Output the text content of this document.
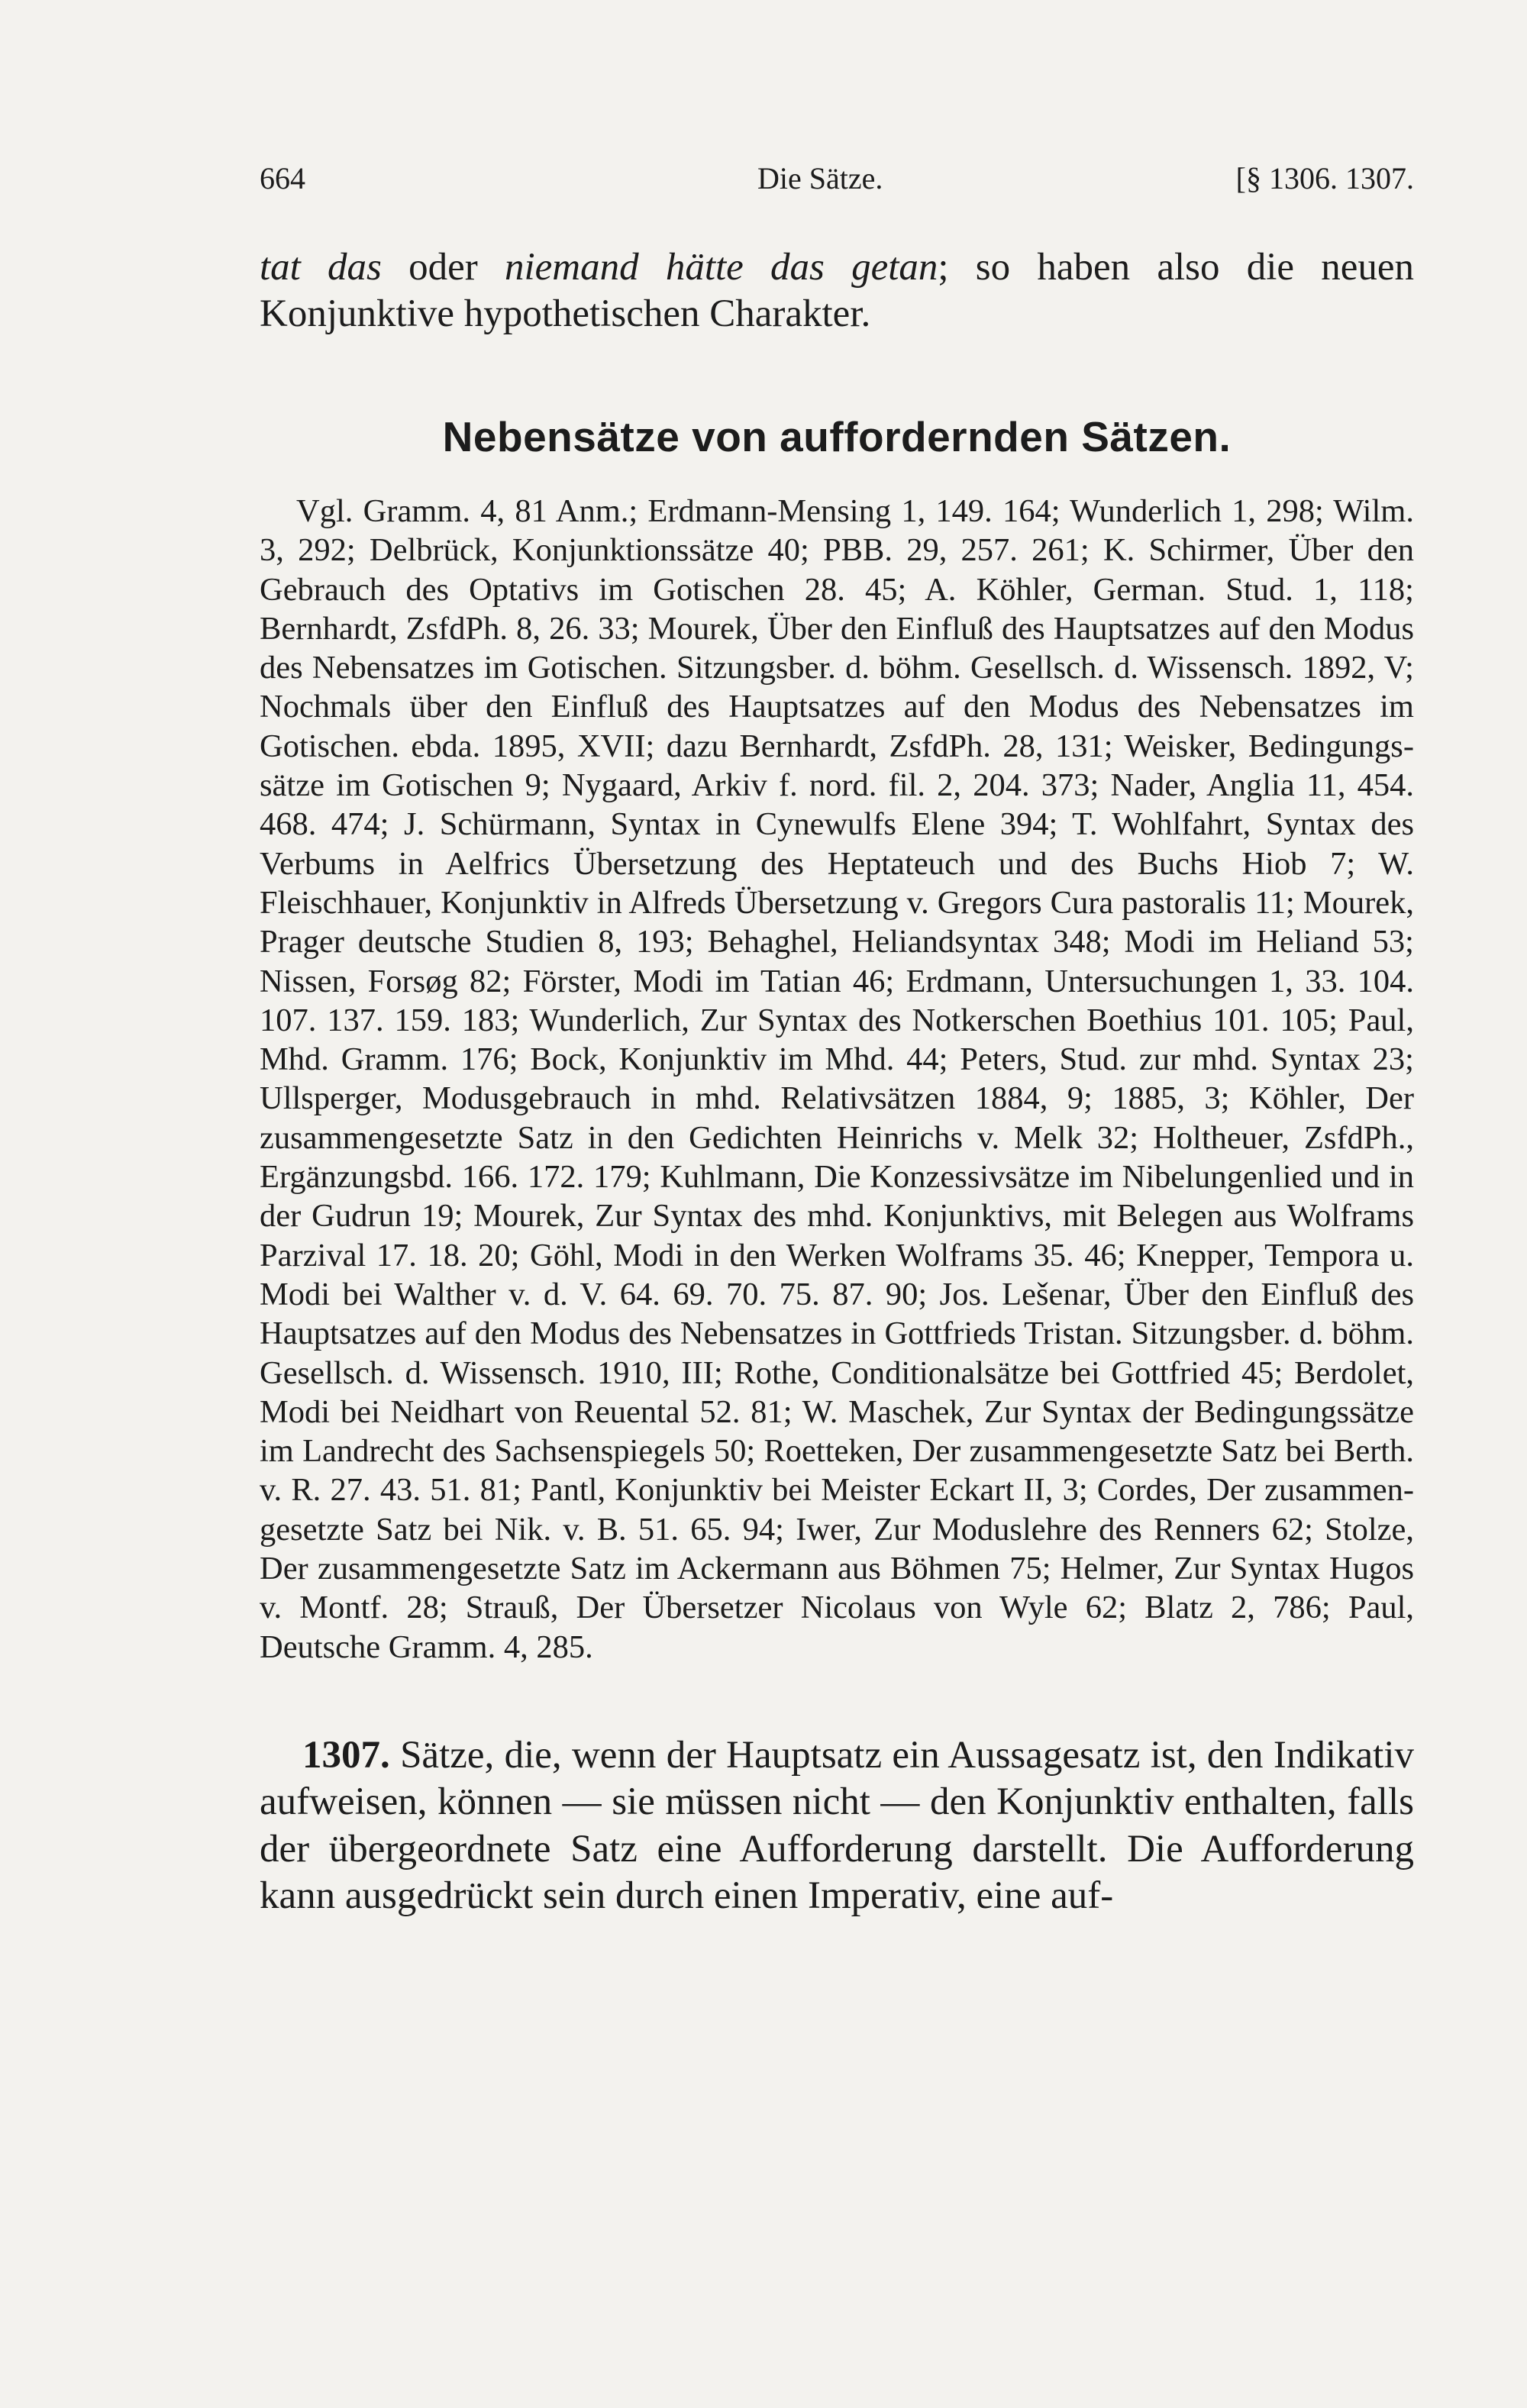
664	Die Sätze.	[§ 1306. 1307.

tat das oder niemand hätte das getan; so haben also die neuen Konjunktive hypothetischen Charakter.

Nebensätze von auffordernden Sätzen.

Vgl. Gramm. 4, 81 Anm.; Erdmann-Mensing 1, 149. 164; Wunderlich 1, 298; Wilm. 3, 292; Delbrück, Konjunktionssätze 40; PBB. 29, 257. 261; K. Schirmer, Über den Gebrauch des Optativs im Gotischen 28. 45; A. Köhler, German. Stud. 1, 118; Bernhardt, ZsfdPh. 8, 26. 33; Mourek, Über den Einfluß des Hauptsatzes auf den Modus des Nebensatzes im Gotischen. Sitzungsber. d. böhm. Gesellsch. d. Wissensch. 1892, V; Nochmals über den Einfluß des Hauptsatzes auf den Modus des Nebensatzes im Gotischen. ebda. 1895, XVII; dazu Bernhardt, ZsfdPh. 28, 131; Weisker, Bedingungssätze im Gotischen 9; Nygaard, Arkiv f. nord. fil. 2, 204. 373; Nader, Anglia 11, 454. 468. 474; J. Schürmann, Syntax in Cynewulfs Elene 394; T. Wohlfahrt, Syntax des Verbums in Aelfrics Übersetzung des Heptateuch und des Buchs Hiob 7; W. Fleischhauer, Konjunktiv in Alfreds Übersetzung v. Gregors Cura pastoralis 11; Mourek, Prager deutsche Studien 8, 193; Behaghel, Heliandsyntax 348; Modi im Heliand 53; Nissen, Forsøg 82; Förster, Modi im Tatian 46; Erdmann, Untersuchungen 1, 33. 104. 107. 137. 159. 183; Wunderlich, Zur Syntax des Notkerschen Boethius 101. 105; Paul, Mhd. Gramm. 176; Bock, Konjunktiv im Mhd. 44; Peters, Stud. zur mhd. Syntax 23; Ullsperger, Modusgebrauch in mhd. Relativsätzen 1884, 9; 1885, 3; Köhler, Der zusammengesetzte Satz in den Gedichten Heinrichs v. Melk 32; Holtheuer, ZsfdPh., Ergänzungsbd. 166. 172. 179; Kuhlmann, Die Konzessivsätze im Nibelungenlied und in der Gudrun 19; Mourek, Zur Syntax des mhd. Konjunktivs, mit Belegen aus Wolframs Parzival 17. 18. 20; Göhl, Modi in den Werken Wolframs 35. 46; Knepper, Tempora u. Modi bei Walther v. d. V. 64. 69. 70. 75. 87. 90; Jos. Lešenar, Über den Einfluß des Hauptsatzes auf den Modus des Nebensatzes in Gottfrieds Tristan. Sitzungsber. d. böhm. Gesellsch. d. Wissensch. 1910, III; Rothe, Conditionalsätze bei Gottfried 45; Berdolet, Modi bei Neidhart von Reuental 52. 81; W. Maschek, Zur Syntax der Bedingungssätze im Landrecht des Sachsenspiegels 50; Roetteken, Der zusammengesetzte Satz bei Berth. v. R. 27. 43. 51. 81; Pantl, Konjunktiv bei Meister Eckart II, 3; Cordes, Der zusammengesetzte Satz bei Nik. v. B. 51. 65. 94; Iwer, Zur Moduslehre des Renners 62; Stolze, Der zusammengesetzte Satz im Ackermann aus Böhmen 75; Helmer, Zur Syntax Hugos v. Montf. 28; Strauß, Der Übersetzer Nicolaus von Wyle 62; Blatz 2, 786; Paul, Deutsche Gramm. 4, 285.

1307. Sätze, die, wenn der Hauptsatz ein Aussagesatz ist, den Indikativ aufweisen, können — sie müssen nicht — den Konjunktiv enthalten, falls der übergeordnete Satz eine Aufforderung darstellt. Die Aufforderung kann ausgedrückt sein durch einen Imperativ, eine auf-
